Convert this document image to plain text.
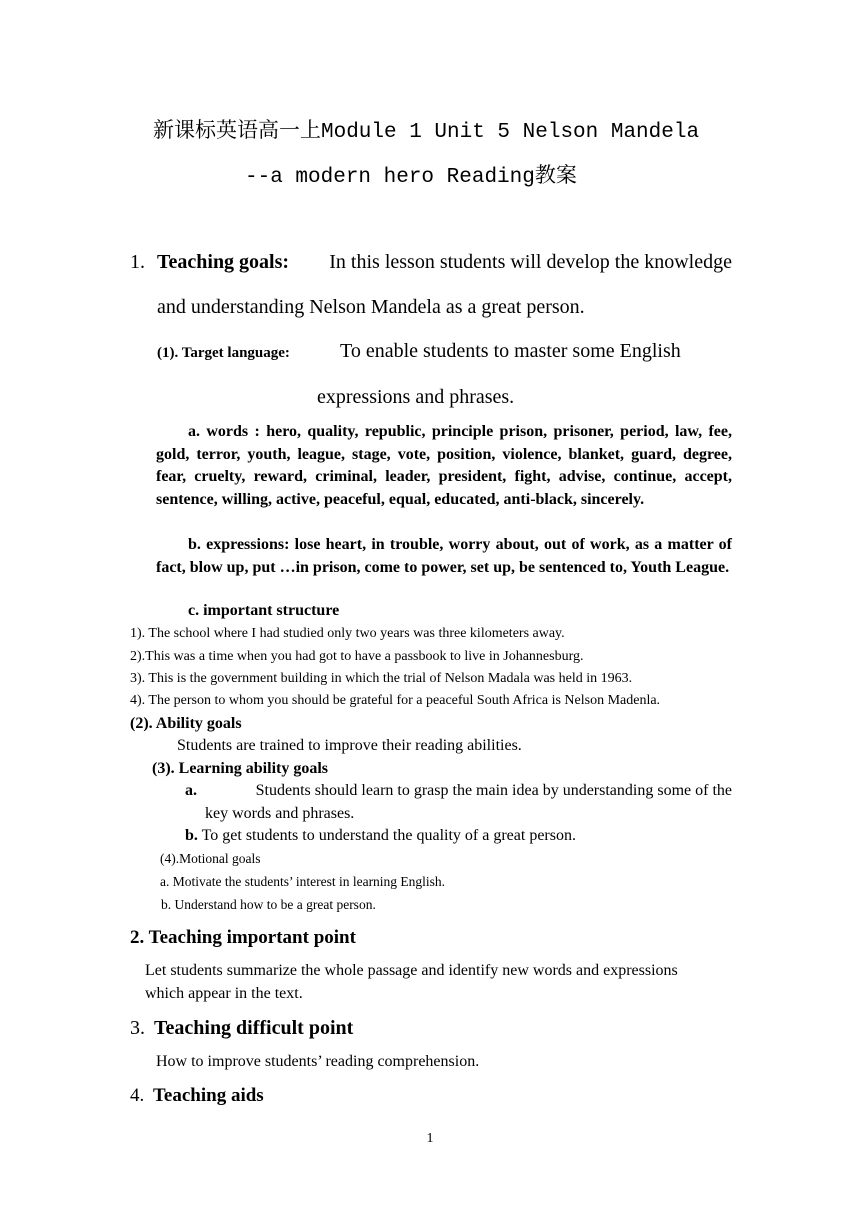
新课标英语高一上Module 1 Unit 5 Nelson Mandela
--a modern hero Reading教案
1. Teaching goals: In this lesson students will develop the knowledge
and understanding Nelson Mandela as a great person.
(1). Target language:	To enable students to master some English
expressions and phrases.
a. words : hero, quality, republic, principle prison, prisoner, period, law, fee, gold, terror, youth, league, stage, vote, position, violence, blanket, guard, degree, fear, cruelty, reward, criminal, leader, president, fight, advise, continue, accept, sentence, willing, active, peaceful, equal, educated, anti-black, sincerely.
b. expressions: lose heart, in trouble, worry about, out of work, as a matter of fact, blow up, put …in prison, come to power, set up, be sentenced to, Youth League.
c. important structure
1). The school where I had studied only two years was three kilometers away.
2).This was a time when you had got to have a passbook to live in Johannesburg.
3). This is the government building in which the trial of Nelson Madala was held in 1963.
4). The person to whom you should be grateful for a peaceful South Africa is Nelson Madenla.
(2). Ability goals
Students are trained to improve their reading abilities.
(3). Learning ability goals
a.	Students should learn to grasp the main idea by understanding some of the
key words and phrases.
b. To get students to understand the quality of a great person.
(4).Motional goals
a. Motivate the students’ interest in learning English.
b. Understand how to be a great person.
2. Teaching important point
Let students summarize the whole passage and identify new words and expressions
which appear in the text.
3. Teaching difficult point
How to improve students’ reading comprehension.
4. Teaching aids
1
